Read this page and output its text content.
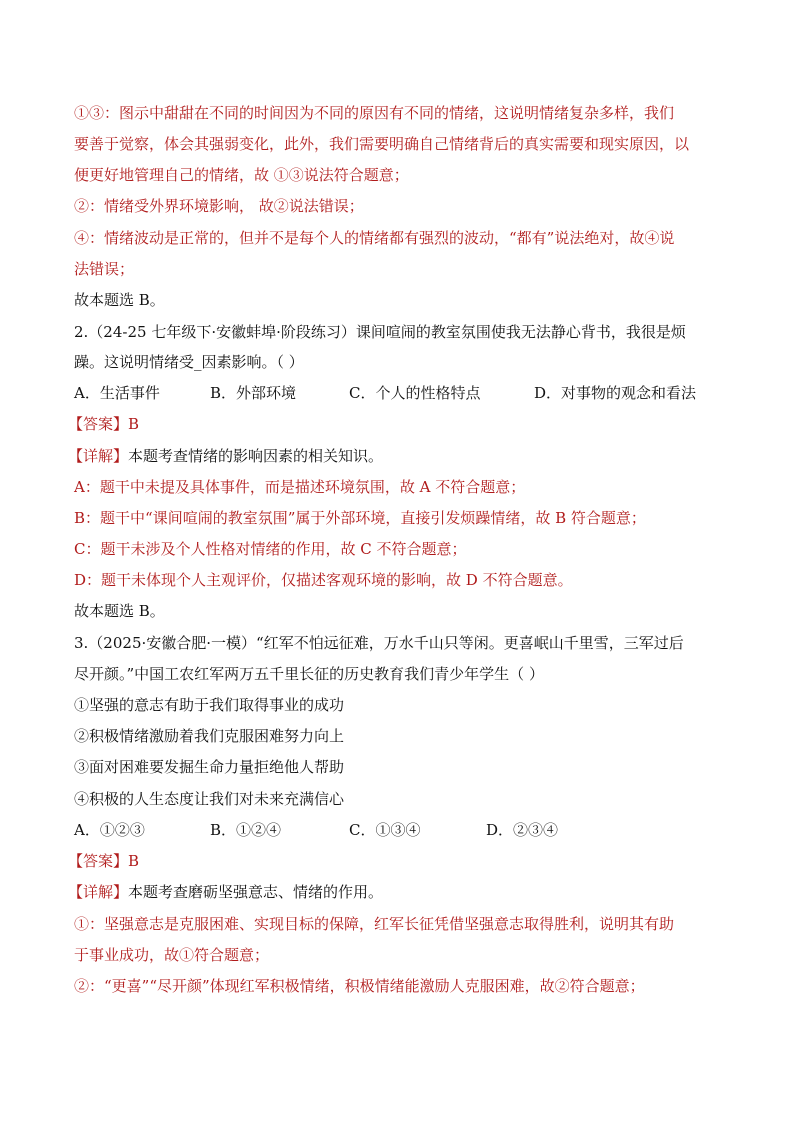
①③：图示中甜甜在不同的时间因为不同的原因有不同的情绪，这说明情绪复杂多样，我们
要善于觉察，体会其强弱变化，此外，我们需要明确自己情绪背后的真实需要和现实原因，以
便更好地管理自己的情绪，故 ①③说法符合题意；
②：情绪受外界环境影响， 故②说法错误；
④：情绪波动是正常的，但并不是每个人的情绪都有强烈的波动，“都有”说法绝对，故④说
法错误；
故本题选 B。
2.（24-25 七年级下·安徽蚌埠·阶段练习）课间喧闹的教室氛围使我无法静心背书，我很是烦
躁。这说明情绪受_因素影响。（ ）
A．生活事件	B．外部环境	C．个人的性格特点	D．对事物的观念和看法
【答案】B
【详解】本题考查情绪的影响因素的相关知识。
A：题干中未提及具体事件，而是描述环境氛围，故 A 不符合题意；
B：题干中“课间喧闹的教室氛围”属于外部环境，直接引发烦躁情绪，故 B 符合题意；
C：题干未涉及个人性格对情绪的作用，故 C 不符合题意；
D：题干未体现个人主观评价，仅描述客观环境的影响，故 D 不符合题意。
故本题选 B。
3.（2025·安徽合肥·一模）“红军不怕远征难，万水千山只等闲。更喜岷山千里雪，三军过后
尽开颜。”中国工农红军两万五千里长征的历史教育我们青少年学生（ ）
①坚强的意志有助于我们取得事业的成功
②积极情绪激励着我们克服困难努力向上
③面对困难要发掘生命力量拒绝他人帮助
④积极的人生态度让我们对未来充满信心
A．①②③	B．①②④	C．①③④	D．②③④
【答案】B
【详解】本题考查磨砺坚强意志、情绪的作用。
①：坚强意志是克服困难、实现目标的保障，红军长征凭借坚强意志取得胜利，说明其有助
于事业成功，故①符合题意；
②：“更喜”“尽开颜”体现红军积极情绪，积极情绪能激励人克服困难，故②符合题意；
